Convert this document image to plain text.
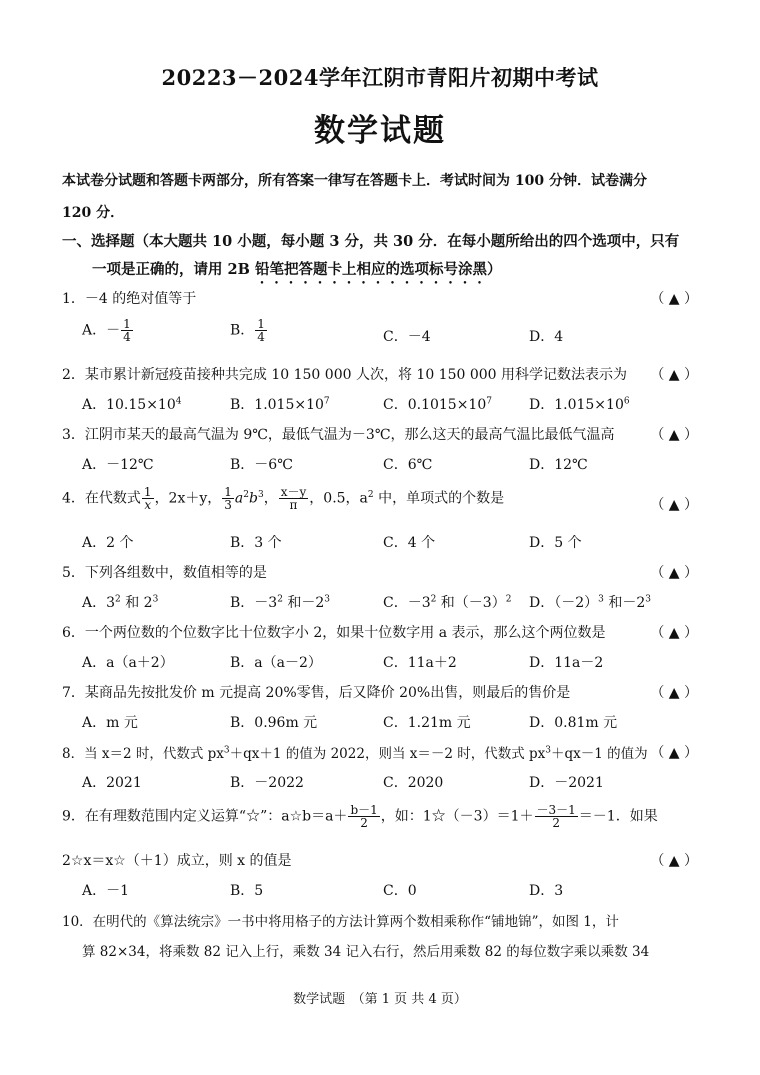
20223－2024学年江阴市青阳片初期中考试
数学试题
本试卷分试题和答题卡两部分，所有答案一律写在答题卡上．考试时间为 100 分钟．试卷满分
120 分．
一、选择题（本大题共 10 小题，每小题 3 分，共 30 分．在每小题所给出的四个选项中，只有
一项是正确的，请用 2B 铅笔把答题卡上相应的选项标号涂黑）
1．－4 的绝对值等于	（ ▲ ）
A．－ $\frac{1}{4}$	B． $\frac{1}{4}$	C．－4	D．4
2．某市累计新冠疫苗接种共完成 10 150 000 人次，将 10 150 000 用科学记数法表示为 （ ▲ ）
A．$10.15\times 10^4$	B．$1.015\times 10^7$	C．$0.1015\times 10^7$	D．$1.015\times 10^6$
3．江阴市某天的最高气温为 9℃，最低气温为－3℃，那么这天的最高气温比最低气温高	（ ▲ ）
A．－12℃	B．－6℃	C．6℃	D．12℃
4．在代数式 $\frac{1}{x}$ ，2x＋y， $\frac{1}{3} a^2b^3$， $\frac{x-y}{\pi}$ ，0.5，$a^2$ 中，单项式的个数是	（ ▲ ）
A．2 个	B．3 个	C．4 个	D．5 个
5．下列各组数中，数值相等的是	（ ▲ ）
A．$3^2$ 和 $2^3$	B．$-3^2$ 和$-2^3$	C．$-3^2$ 和$(-3)^2$ D．$(-2)^3$ 和$-2^3$
6．一个两位数的个位数字比十位数字小 2，如果十位数字用 a 表示，那么这个两位数是	（ ▲ ）
A．a（a＋2）	B．a（a－2）	C．11a＋2	D．11a－2
7．某商品先按批发价 m 元提高 20%零售，后又降价 20%出售，则最后的售价是	（ ▲ ）
A．m 元	B．0.96m 元	C．1.21m 元	D．0.81m 元
8．当 x＝2 时，代数式 $px^3+qx+1$ 的值为 2022，则当 x＝－2 时，代数式 $px^3+qx-1$ 的值为 （ ▲ ）
A．2021	B．－2022	C．2020	D．－2021
9．在有理数范围内定义运算“☆”：a☆b＝a＋ $\frac{b-1}{2}$ ，如：1☆（－3）＝1＋ $\frac{-3-1}{2} =-1$．如果
2☆x＝x☆（＋1）成立，则 x 的值是	（ ▲ ）
A．－1	B．5	C．0	D．3
10．在明代的《算法统宗》一书中将用格子的方法计算两个数相乘称作“铺地锦”，如图 1，计
算 82×34，将乘数 82 记入上行，乘数 34 记入右行，然后用乘数 82 的每位数字乘以乘数 34
数学试题　（第 1 页 共 4 页）
